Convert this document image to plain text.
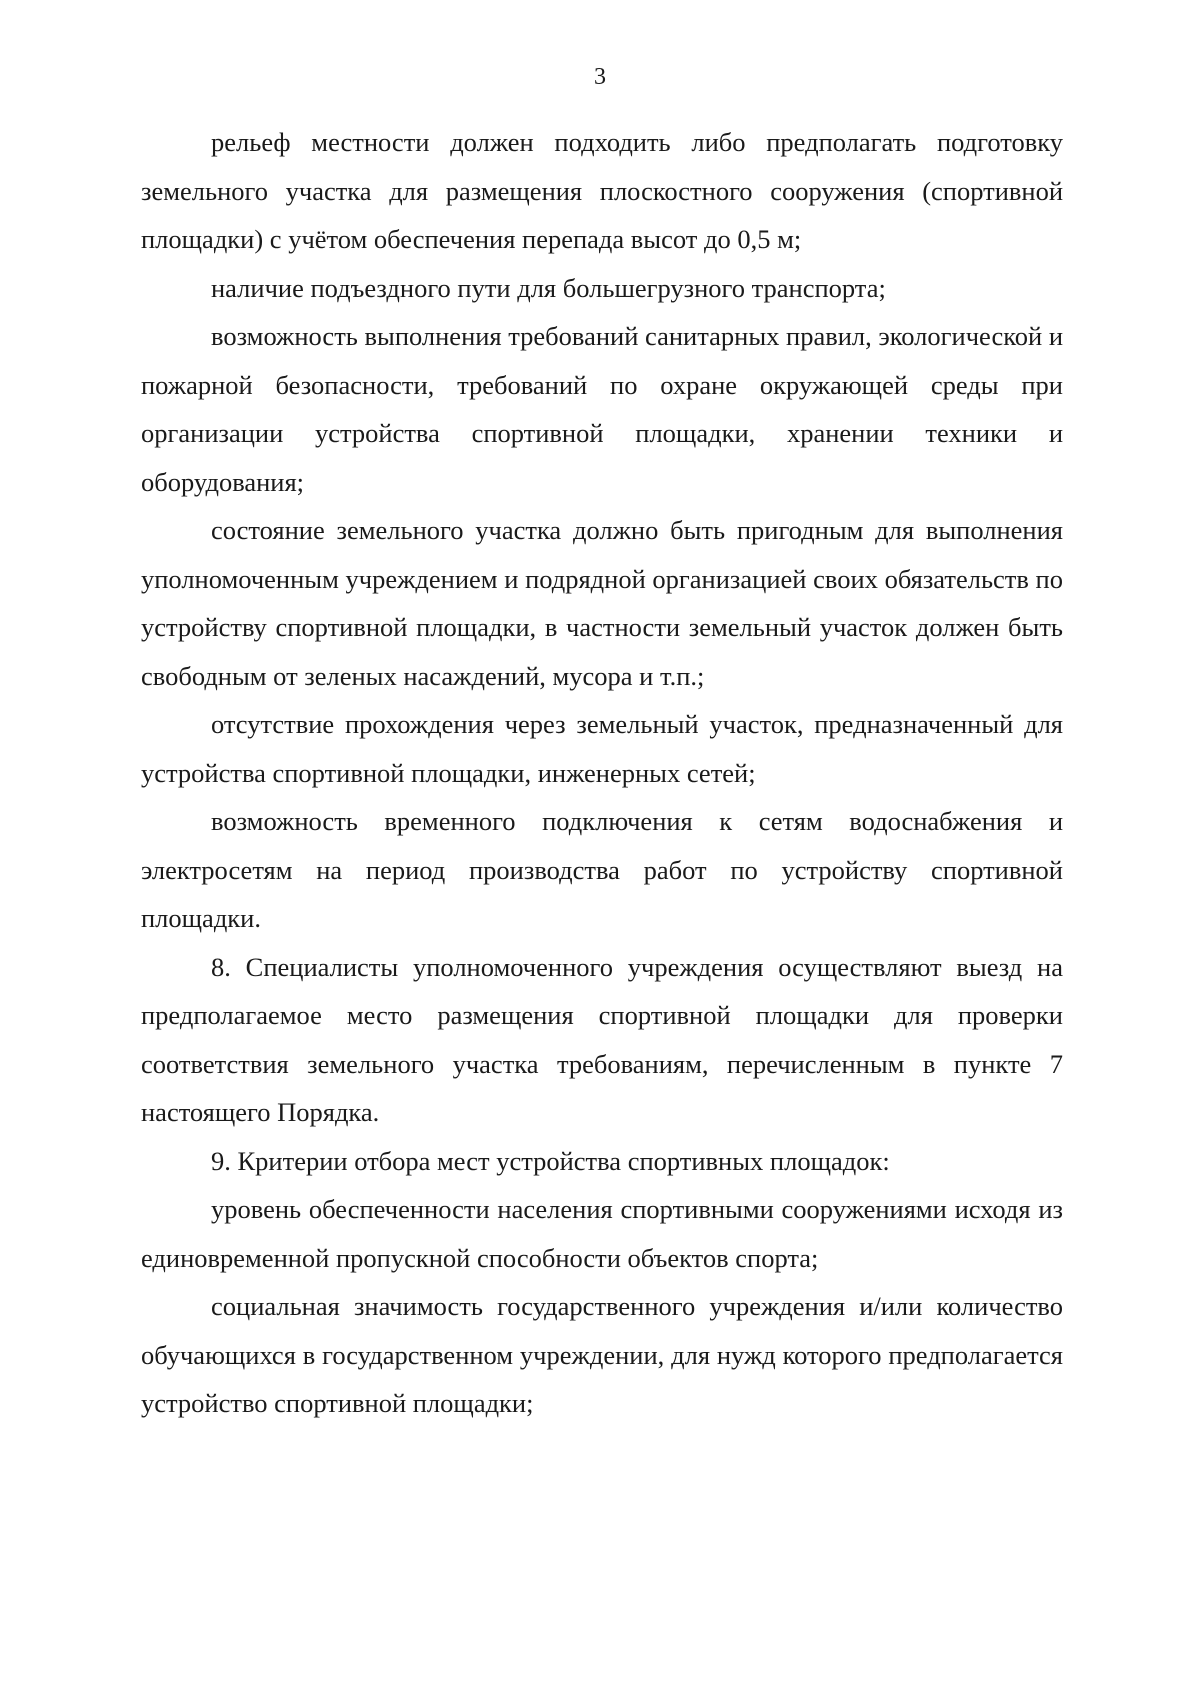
3

рельеф местности должен подходить либо предполагать подготовку земельного участка для размещения плоскостного сооружения (спортивной площадки) с учётом обеспечения перепада высот до 0,5 м;

наличие подъездного пути для большегрузного транспорта;

возможность выполнения требований санитарных правил, экологической и пожарной безопасности, требований по охране окружающей среды при организации устройства спортивной площадки, хранении техники и оборудования;

состояние земельного участка должно быть пригодным для выполнения уполномоченным учреждением и подрядной организацией своих обязательств по устройству спортивной площадки, в частности земельный участок должен быть свободным от зеленых насаждений, мусора и т.п.;

отсутствие прохождения через земельный участок, предназначенный для устройства спортивной площадки, инженерных сетей;

возможность временного подключения к сетям водоснабжения и электросетям на период производства работ по устройству спортивной площадки.

8. Специалисты уполномоченного учреждения осуществляют выезд на предполагаемое место размещения спортивной площадки для проверки соответствия земельного участка требованиям, перечисленным в пункте 7 настоящего Порядка.

9. Критерии отбора мест устройства спортивных площадок:

уровень обеспеченности населения спортивными сооружениями исходя из единовременной пропускной способности объектов спорта;

социальная значимость государственного учреждения и/или количество обучающихся в государственном учреждении, для нужд которого предполагается устройство спортивной площадки;
